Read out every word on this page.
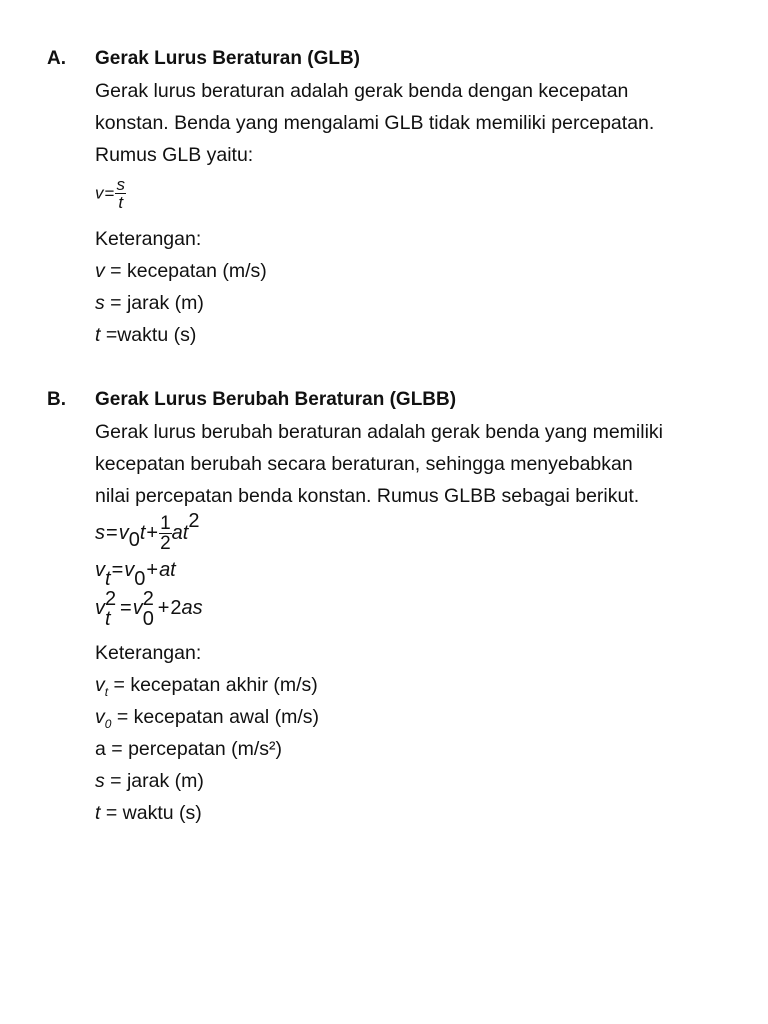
A. Gerak Lurus Beraturan (GLB)
Gerak lurus beraturan adalah gerak benda dengan kecepatan
konstan. Benda yang mengalami GLB tidak memiliki percepatan.
Rumus GLB yaitu:
$v= \frac{s}{t}$
Keterangan:
v = kecepatan (m/s)
s = jarak (m)
t =waktu (s)
B. Gerak Lurus Berubah Beraturan (GLBB)
Gerak lurus berubah beraturan adalah gerak benda yang memiliki
kecepatan berubah secara beraturan, sehingga menyebabkan
nilai percepatan benda konstan. Rumus GLBB sebagai berikut.
$s=v_0t+ \frac{1}{2} at^2$
$v_t=v_0+at$
v 2
t =v 2
0 +2as
Keterangan:
$v_t$ = kecepatan akhir (m/s)
$v_0$ = kecepatan awal (m/s)
a = percepatan (m/s²)
s = jarak (m)
t = waktu (s)
